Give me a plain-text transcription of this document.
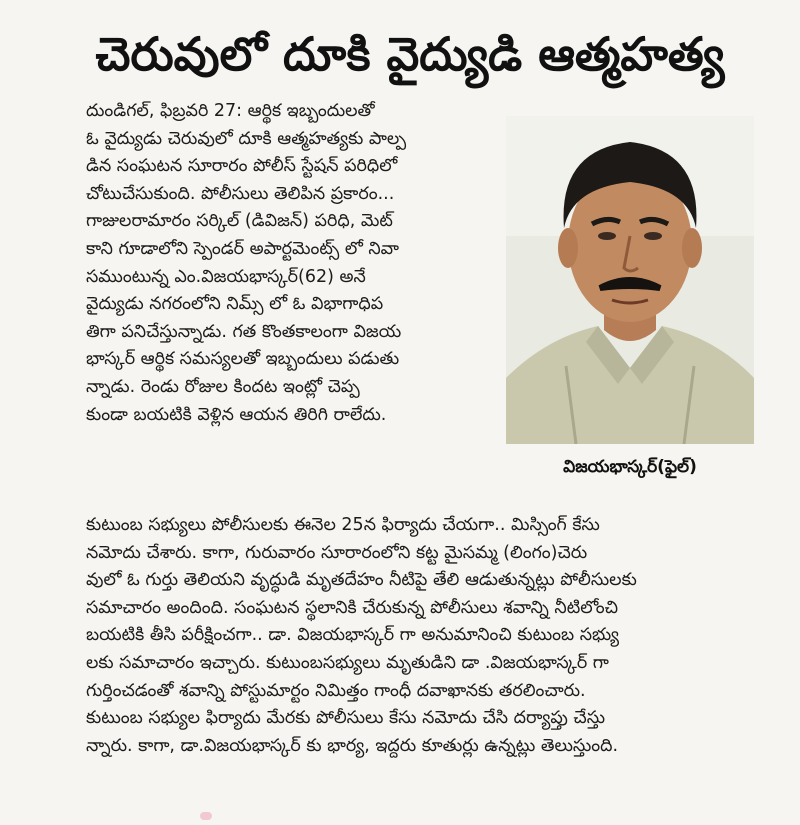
చెరువులో దూకి వైద్యుడి ఆత్మహత్య
దుండిగల్, ఫిబ్రవరి 27: ఆర్థిక ఇబ్బందులతో
ఓ వైద్యుడు చెరువులో దూకి ఆత్మహత్యకు పాల్ప
డిన సంఘటన సూరారం పోలీస్ స్టేషన్ పరిధిలో
చోటుచేసుకుంది. పోలీసులు తెలిపిన ప్రకారం...
గాజులరామారం సర్కిల్ (డివిజన్) పరిధి, మెట్
కాని గూడాలోని స్పెండర్ అపార్టమెంట్స్ లో నివా
సముంటున్న ఎం.విజయభాస్కర్(62) అనే
వైద్యుడు నగరంలోని నిమ్స్ లో ఓ విభాగాధిప
తిగా పనిచేస్తున్నాడు. గత కొంతకాలంగా విజయ
భాస్కర్ ఆర్థిక సమస్యలతో ఇబ్బందులు పడుతు
న్నాడు. రెండు రోజుల కిందట ఇంట్లో చెప్ప
కుండా బయటికి వెళ్లిన ఆయన తిరిగి రాలేదు.
విజయభాస్కర్(ఫైల్)
కుటుంబ సభ్యులు పోలీసులకు ఈనెల 25న ఫిర్యాదు చేయగా.. మిస్సింగ్ కేసు
నమోదు చేశారు. కాగా, గురువారం సూరారంలోని కట్ట మైసమ్మ (లింగం)చెరు
వులో ఓ గుర్తు తెలియని వృద్ధుడి మృతదేహం నీటిపై తేలి ఆడుతున్నట్లు పోలీసులకు
సమాచారం అందింది. సంఘటన స్థలానికి చేరుకున్న పోలీసులు శవాన్ని నీటిలోంచి
బయటికి తీసి పరీక్షించగా.. డా. విజయభాస్కర్ గా అనుమానించి కుటుంబ సభ్యు
లకు సమాచారం ఇచ్చారు. కుటుంబసభ్యులు మృతుడిని డా .విజయభాస్కర్ గా
గుర్తించడంతో శవాన్ని పోస్టుమార్టం నిమిత్తం గాంధీ దవాఖానకు తరలించారు.
కుటుంబ సభ్యుల ఫిర్యాదు మేరకు పోలీసులు కేసు నమోదు చేసి దర్యాప్తు చేస్తు
న్నారు. కాగా, డా.విజయభాస్కర్ కు భార్య, ఇద్దరు కూతుర్లు ఉన్నట్లు తెలుస్తుంది.
